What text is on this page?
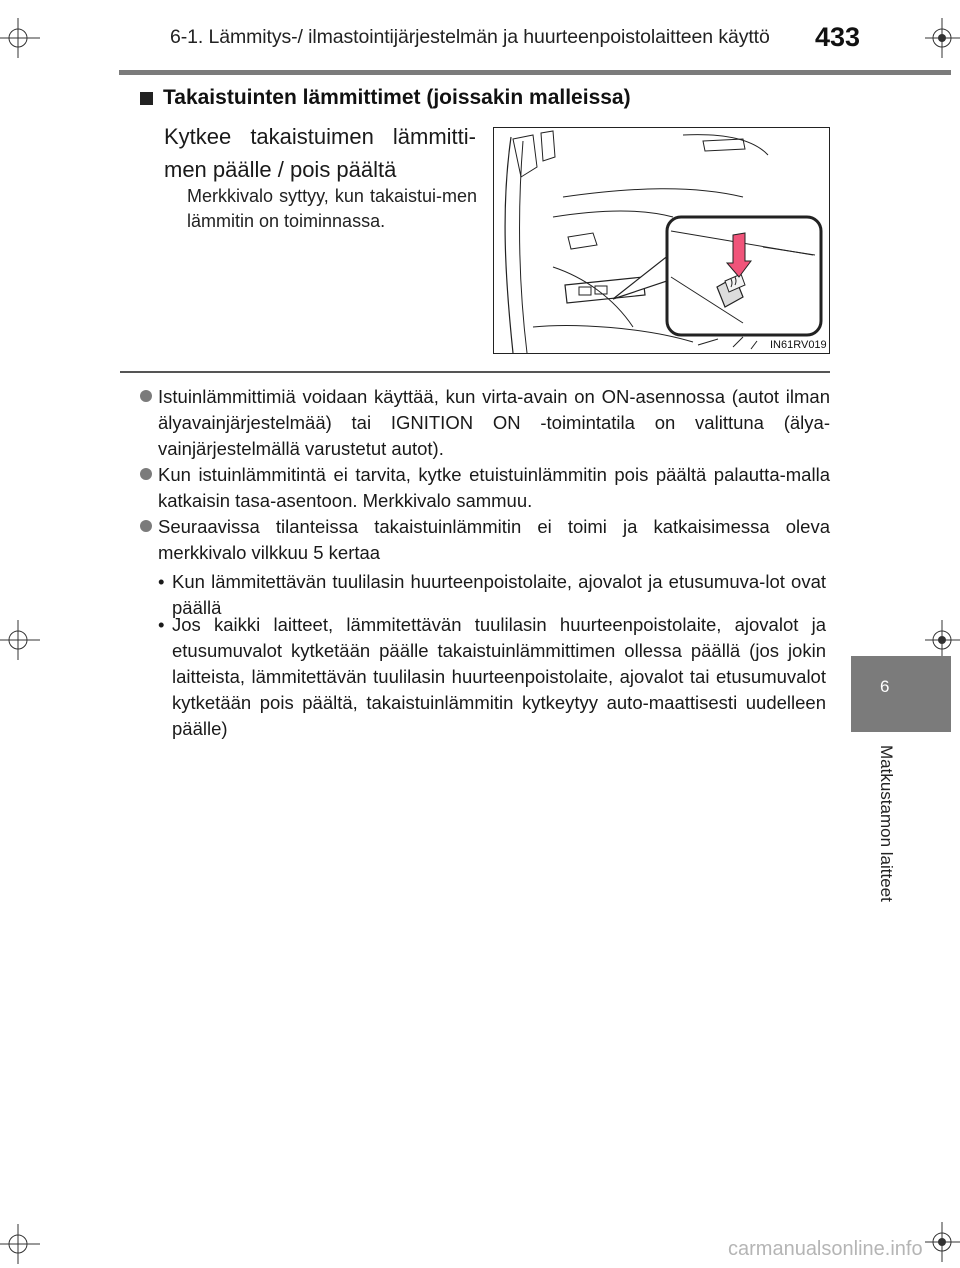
6-1. Lämmitys-/ ilmastointijärjestelmän ja huurteenpoistolaitteen käyttö	433
6
Matkustamon laitteet
Takaistuinten lämmittimet (joissakin malleissa)
Kytkee takaistuimen lämmitti-men päälle / pois päältä
Merkkivalo syttyy, kun takaistui-men lämmitin on toiminnassa.
IN61RV019
Istuinlämmittimiä voidaan käyttää, kun virta-avain on ON-asennossa (autot ilman älyavainjärjestelmää) tai IGNITION ON -toimintatila on valittuna (älya-vainjärjestelmällä varustetut autot).
Kun istuinlämmitintä ei tarvita, kytke etuistuinlämmitin pois päältä palautta-malla katkaisin tasa-asentoon. Merkkivalo sammuu.
Seuraavissa tilanteissa takaistuinlämmitin ei toimi ja katkaisimessa oleva merkkivalo vilkkuu 5 kertaa
• Kun lämmitettävän tuulilasin huurteenpoistolaite, ajovalot ja etusumuva-lot ovat päällä
• Jos kaikki laitteet, lämmitettävän tuulilasin huurteenpoistolaite, ajovalot ja etusumuvalot kytketään päälle takaistuinlämmittimen ollessa päällä (jos jokin laitteista, lämmitettävän tuulilasin huurteenpoistolaite, ajovalot tai etusumuvalot kytketään pois päältä, takaistuinlämmitin kytkeytyy auto-maattisesti uudelleen päälle)
carmanualsonline.info
